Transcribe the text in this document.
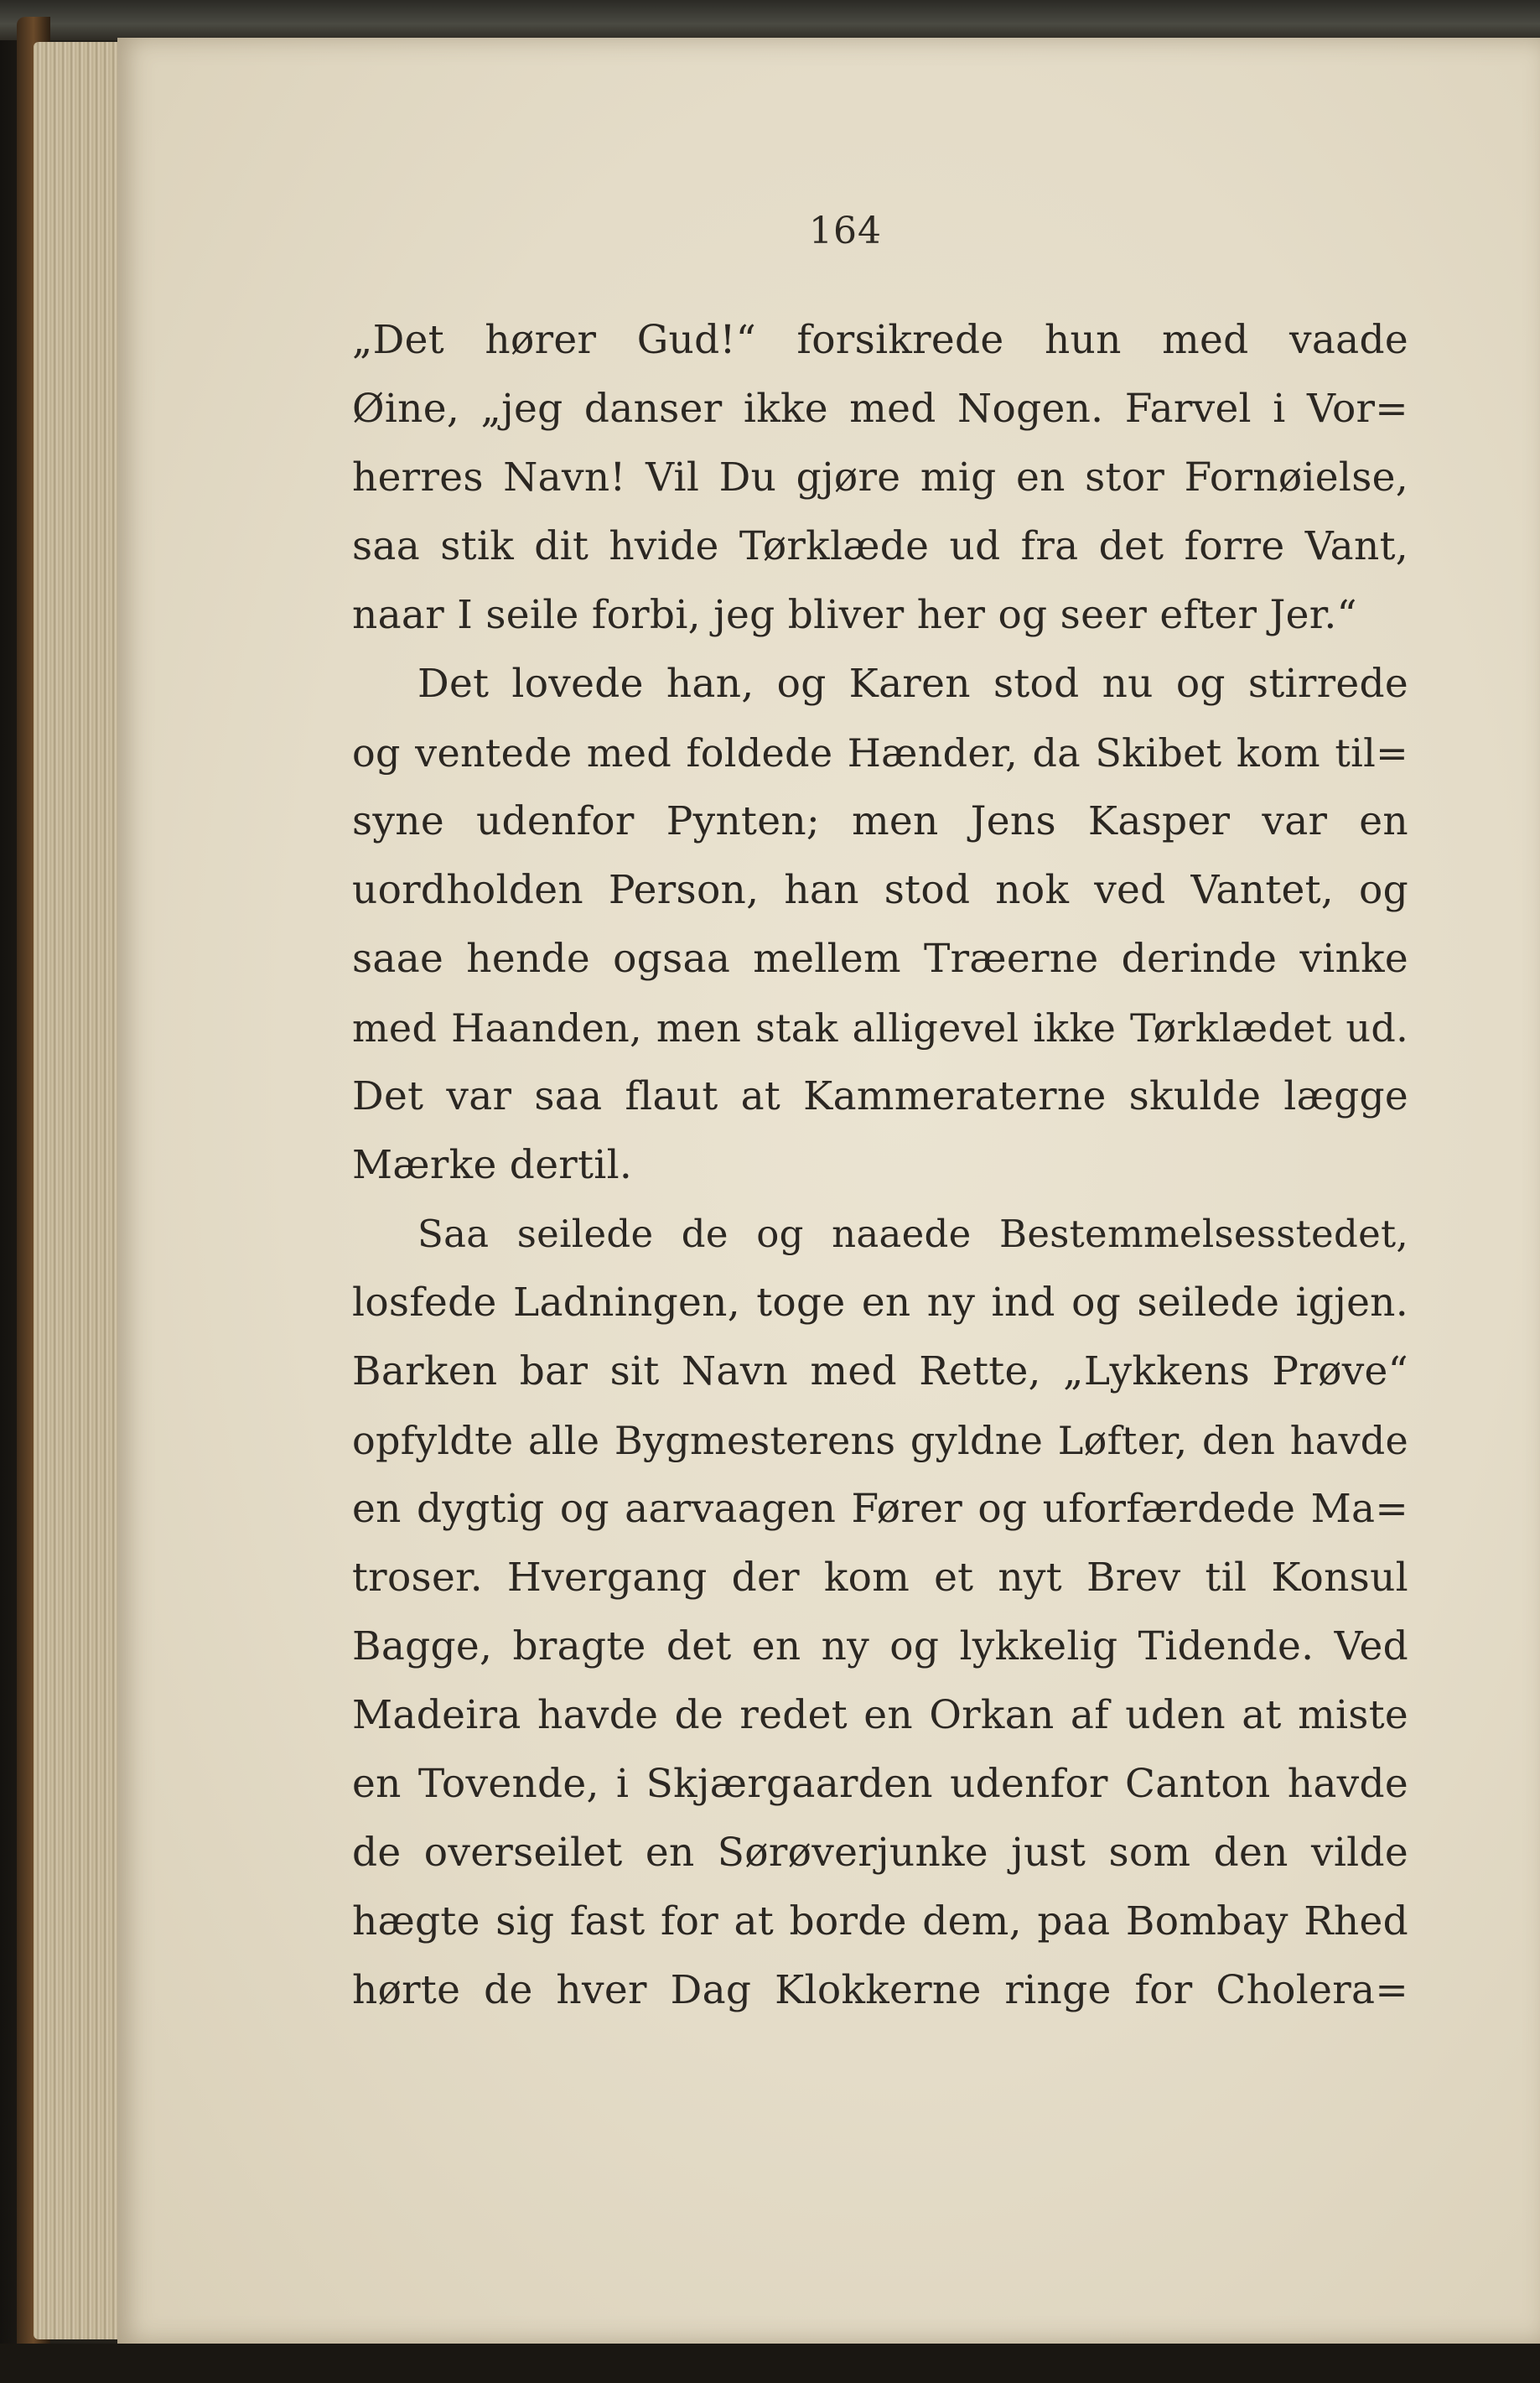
164
„Det hører Gud!“ forsikrede hun med vaade
Øine, „jeg danser ikke med Nogen. Farvel i Vor=
herres Navn! Vil Du gjøre mig en stor Fornøielse,
saa stik dit hvide Tørklæde ud fra det forre Vant,
naar I seile forbi, jeg bliver her og seer efter Jer.“
Det lovede han, og Karen stod nu og stirrede
og ventede med foldede Hænder, da Skibet kom til=
syne udenfor Pynten; men Jens Kasper var en
uordholden Person, han stod nok ved Vantet, og
saae hende ogsaa mellem Træerne derinde vinke
med Haanden, men stak alligevel ikke Tørklædet ud.
Det var saa flaut at Kammeraterne skulde lægge
Mærke dertil.
Saa seilede de og naaede Bestemmelsesstedet,
losfede Ladningen, toge en ny ind og seilede igjen.
Barken bar sit Navn med Rette, „Lykkens Prøve“
opfyldte alle Bygmesterens gyldne Løfter, den havde
en dygtig og aarvaagen Fører og uforfærdede Ma=
troser. Hvergang der kom et nyt Brev til Konsul
Bagge, bragte det en ny og lykkelig Tidende. Ved
Madeira havde de redet en Orkan af uden at miste
en Tovende, i Skjærgaarden udenfor Canton havde
de overseilet en Sørøverjunke just som den vilde
hægte sig fast for at borde dem, paa Bombay Rhed
hørte de hver Dag Klokkerne ringe for Cholera=
